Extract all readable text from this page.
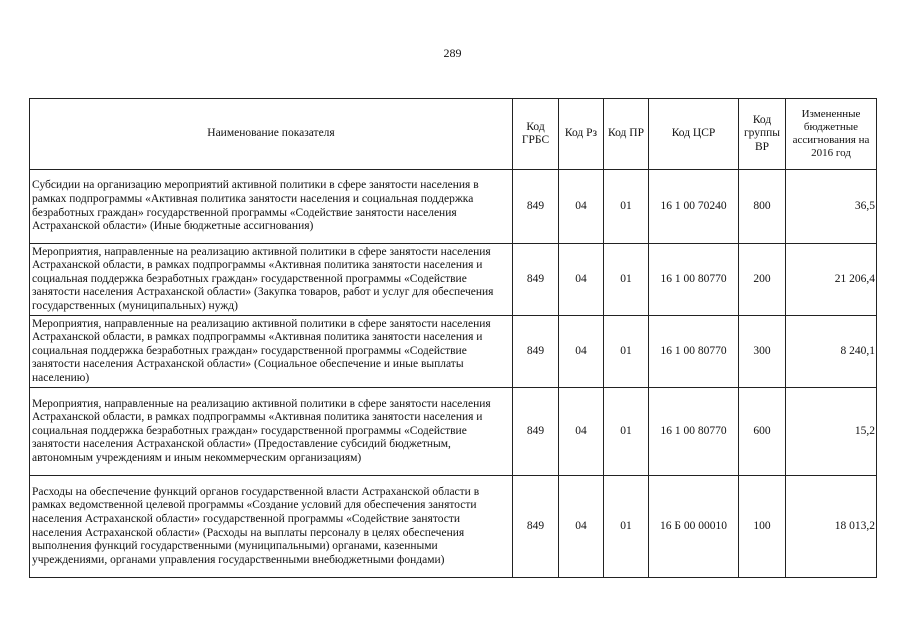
289
Наименование показателя	Код ГРБС	Код Рз	Код ПР	Код ЦСР	Код группы ВР	Измененные бюджетные ассигнования на 2016 год
Субсидии на организацию мероприятий активной политики в сфере занятости населения в рамках подпрограммы «Активная политика занятости населения и социальная поддержка безработных граждан» государственной программы «Содействие занятости населения Астраханской области» (Иные бюджетные ассигнования)	849	04	01	16 1 00 70240	800	36,5
Мероприятия, направленные на реализацию активной политики в сфере занятости населения Астраханской области, в рамках подпрограммы «Активная политика занятости населения и социальная поддержка безработных граждан» государственной программы «Содействие занятости населения Астраханской области» (Закупка товаров, работ и услуг для обеспечения государственных (муниципальных) нужд)	849	04	01	16 1 00 80770	200	21 206,4
Мероприятия, направленные на реализацию активной политики в сфере занятости населения Астраханской области, в рамках подпрограммы «Активная политика занятости населения и социальная поддержка безработных граждан» государственной программы «Содействие занятости населения Астраханской области» (Социальное обеспечение и иные выплаты населению)	849	04	01	16 1 00 80770	300	8 240,1
Мероприятия, направленные на реализацию активной политики в сфере занятости населения Астраханской области, в рамках подпрограммы «Активная политика занятости населения и социальная поддержка безработных граждан» государственной программы «Содействие занятости населения Астраханской области» (Предоставление субсидий бюджетным, автономным учреждениям и иным некоммерческим организациям)	849	04	01	16 1 00 80770	600	15,2
Расходы на обеспечение функций органов государственной власти Астраханской области в рамках ведомственной целевой программы «Создание условий для обеспечения занятости населения Астраханской области» государственной программы «Содействие занятости населения Астраханской области» (Расходы на выплаты персоналу в целях обеспечения выполнения функций государственными (муниципальными) органами, казенными учреждениями, органами управления государственными внебюджетными фондами)	849	04	01	16 Б 00 00010	100	18 013,2
